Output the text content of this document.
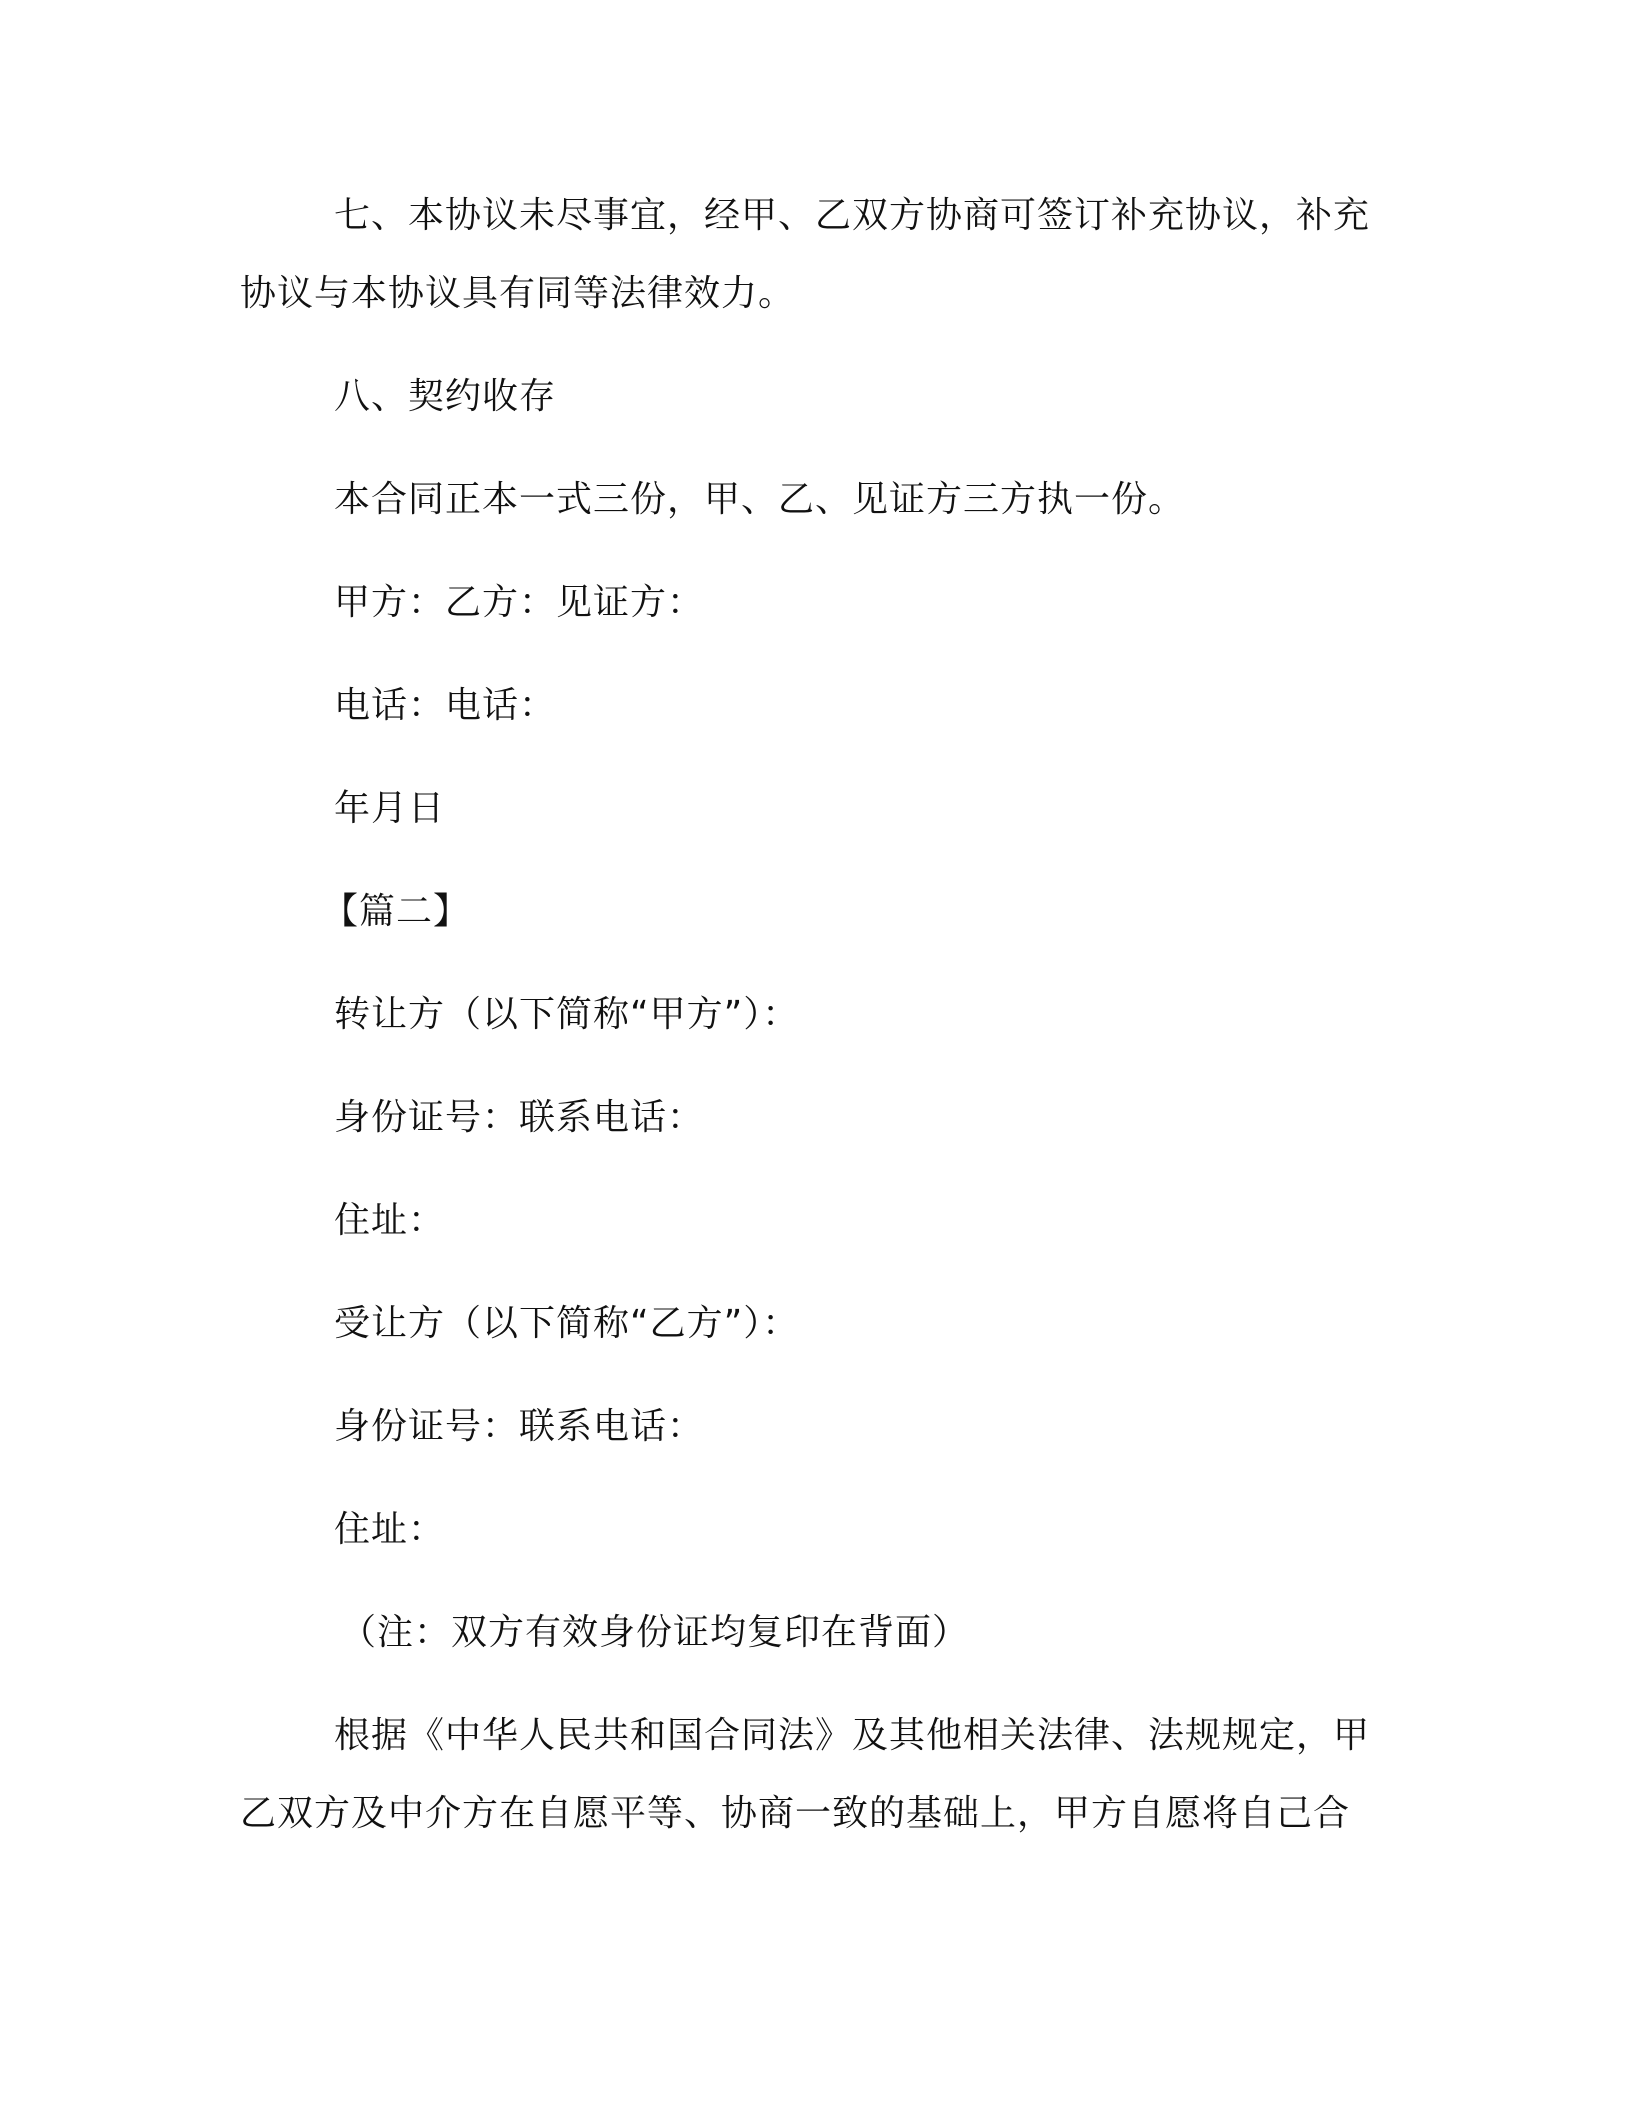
七、本协议未尽事宜，经甲、乙双方协商可签订补充协议，补充
协议与本协议具有同等法律效力。
八、契约收存
本合同正本一式三份，甲、乙、见证方三方执一份。
甲方：乙方：见证方：
电话：电话：
年月日
【篇二】
转让方（以下简称“甲方”）：
身份证号：联系电话：
住址：
受让方（以下简称“乙方”）：
身份证号：联系电话：
住址：
（注：双方有效身份证均复印在背面）
根据《中华人民共和国合同法》及其他相关法律、法规规定，甲
乙双方及中介方在自愿平等、协商一致的基础上，甲方自愿将自己合
